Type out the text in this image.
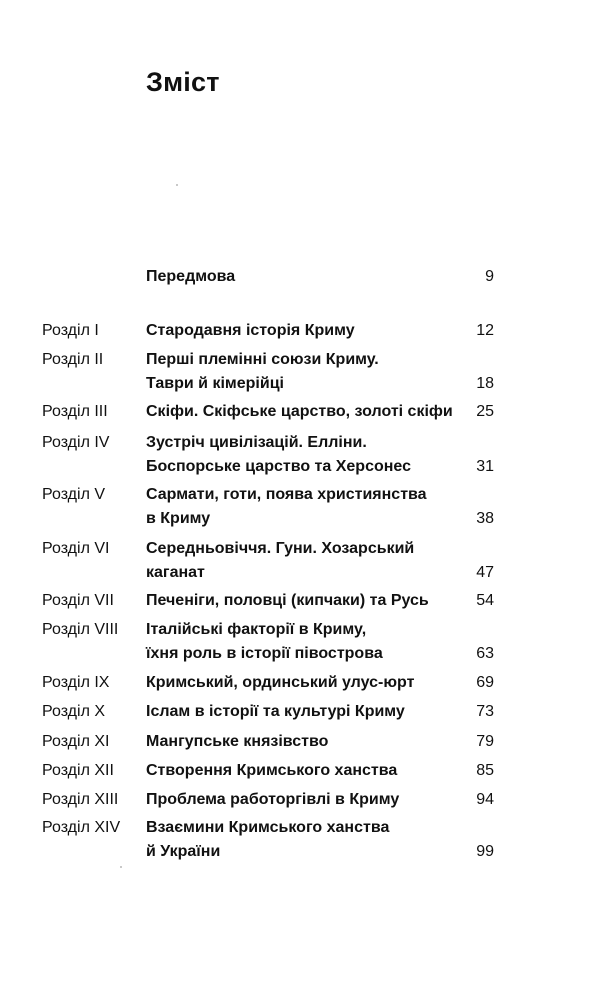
Зміст
Передмова	9
Розділ I	Стародавня історія Криму	12
Розділ II	Перші племінні союзи Криму.
Таври й кімерійці	18
Розділ III Скіфи. Скіфське царство, золоті скіфи	25
Розділ IV Зустріч цивілізацій. Елліни.
Боспорське царство та Херсонес	31
Розділ V	Сармати, готи, поява християнства
в Криму	38
Розділ VI Середньовіччя. Гуни. Хозарський
каганат	47
Розділ VII Печеніги, половці (кипчаки) та Русь	54
Розділ VIII Італійські факторії в Криму,
їхня роль в історії півострова	63
Розділ IX Кримський, ординський улус-юрт	69
Розділ X	Іслам в історії та культурі Криму	73
Розділ XI Мангупське князівство	79
Розділ XII Створення Кримського ханства	85
Розділ XIII Проблема работоргівлі в Криму	94
Розділ XIV Взаємини Кримського ханства
й України	99
